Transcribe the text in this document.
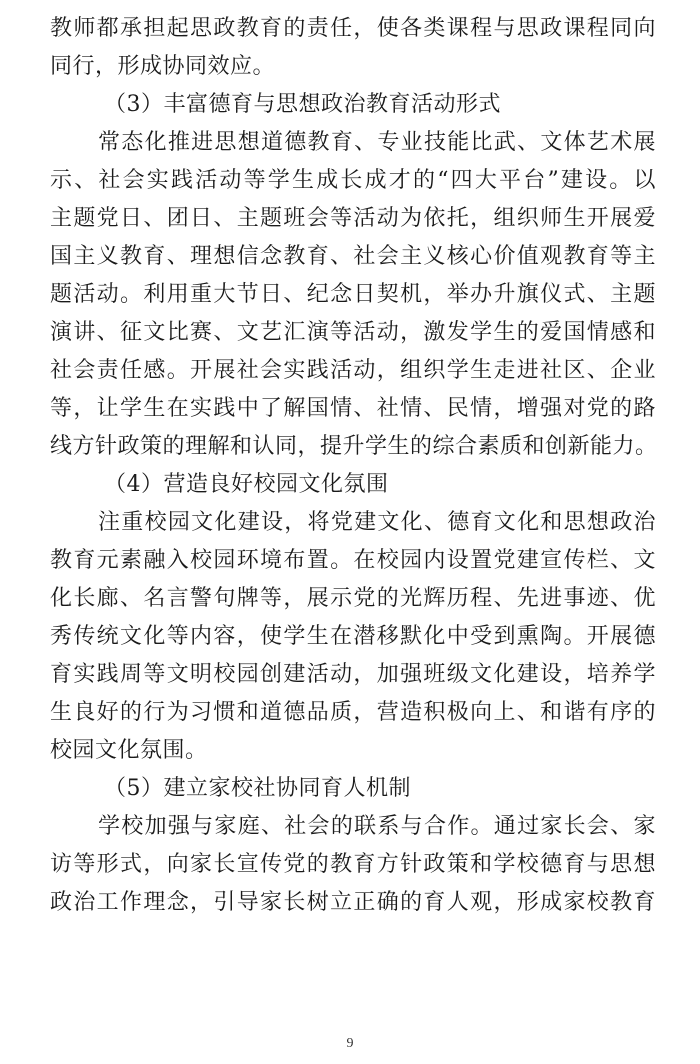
教师都承担起思政教育的责任，使各类课程与思政课程同向
同行，形成协同效应。
（3）丰富德育与思想政治教育活动形式
常态化推进思想道德教育、专业技能比武、文体艺术展
示、社会实践活动等学生成长成才的“四大平台”建设。以
主题党日、团日、主题班会等活动为依托，组织师生开展爱
国主义教育、理想信念教育、社会主义核心价值观教育等主
题活动。利用重大节日、纪念日契机，举办升旗仪式、主题
演讲、征文比赛、文艺汇演等活动，激发学生的爱国情感和
社会责任感。开展社会实践活动，组织学生走进社区、企业
等，让学生在实践中了解国情、社情、民情，增强对党的路
线方针政策的理解和认同，提升学生的综合素质和创新能力。
（4）营造良好校园文化氛围
注重校园文化建设，将党建文化、德育文化和思想政治
教育元素融入校园环境布置。在校园内设置党建宣传栏、文
化长廊、名言警句牌等，展示党的光辉历程、先进事迹、优
秀传统文化等内容，使学生在潜移默化中受到熏陶。开展德
育实践周等文明校园创建活动，加强班级文化建设，培养学
生良好的行为习惯和道德品质，营造积极向上、和谐有序的
校园文化氛围。
（5）建立家校社协同育人机制
学校加强与家庭、社会的联系与合作。通过家长会、家
访等形式，向家长宣传党的教育方针政策和学校德育与思想
政治工作理念，引导家长树立正确的育人观，形成家校教育
9
